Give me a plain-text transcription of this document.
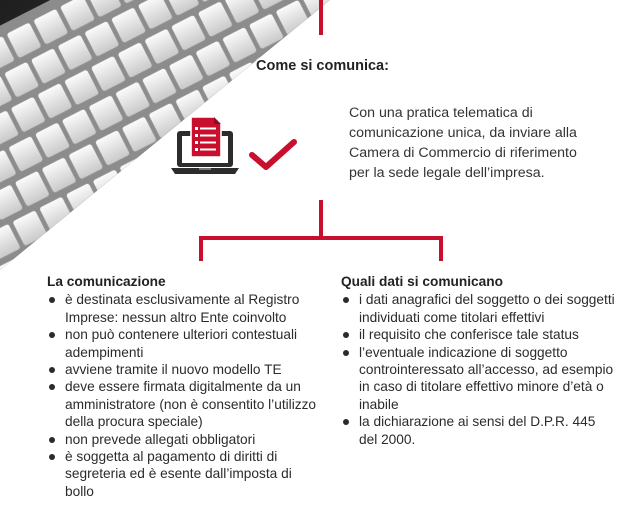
Come si comunica:
Con una pratica telematica di comunicazione unica, da inviare alla Camera di Commercio di riferimento per la sede legale dell’impresa.
La comunicazione
è destinata esclusivamente al Registro Imprese: nessun altro Ente coinvolto
non può contenere ulteriori contestuali adempimenti
avviene tramite il nuovo modello TE
deve essere firmata digitalmente da un amministratore (non è consentito l’utilizzo della procura speciale)
non prevede allegati obbligatori
è soggetta al pagamento di diritti di segreteria ed è esente dall’imposta di bollo
Quali dati si comunicano
i dati anagrafici del soggetto o dei soggetti individuati come titolari effettivi
il requisito che conferisce tale status
l’eventuale indicazione di soggetto controinteressato all’accesso, ad esempio in caso di titolare effettivo minore d’età o inabile
la dichiarazione ai sensi del D.P.R. 445 del 2000.
